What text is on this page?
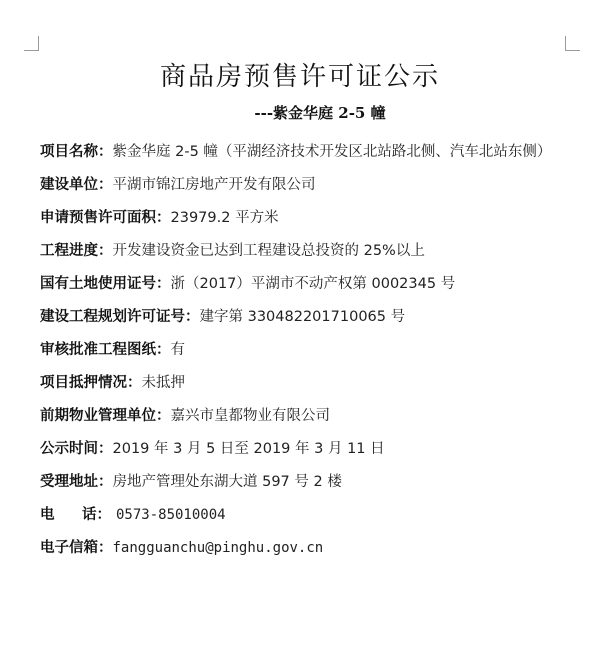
商品房预售许可证公示
---紫金华庭 2-5 幢

项目名称：紫金华庭 2-5 幢（平湖经济技术开发区北站路北侧、汽车北站东侧）

建设单位：平湖市锦江房地产开发有限公司

申请预售许可面积：23979.2 平方米

工程进度：开发建设资金已达到工程建设总投资的 25%以上

国有土地使用证号：浙（2017）平湖市不动产权第 0002345 号

建设工程规划许可证号：建字第 330482201710065 号

审核批准工程图纸：有

项目抵押情况：未抵押

前期物业管理单位：嘉兴市皇都物业有限公司

公示时间：2019 年 3 月 5 日至 2019 年 3 月 11 日

受理地址：房地产管理处东湖大道 597 号 2 楼

电 话： 0573-85010004

电子信箱：fangguanchu@pinghu.gov.cn
